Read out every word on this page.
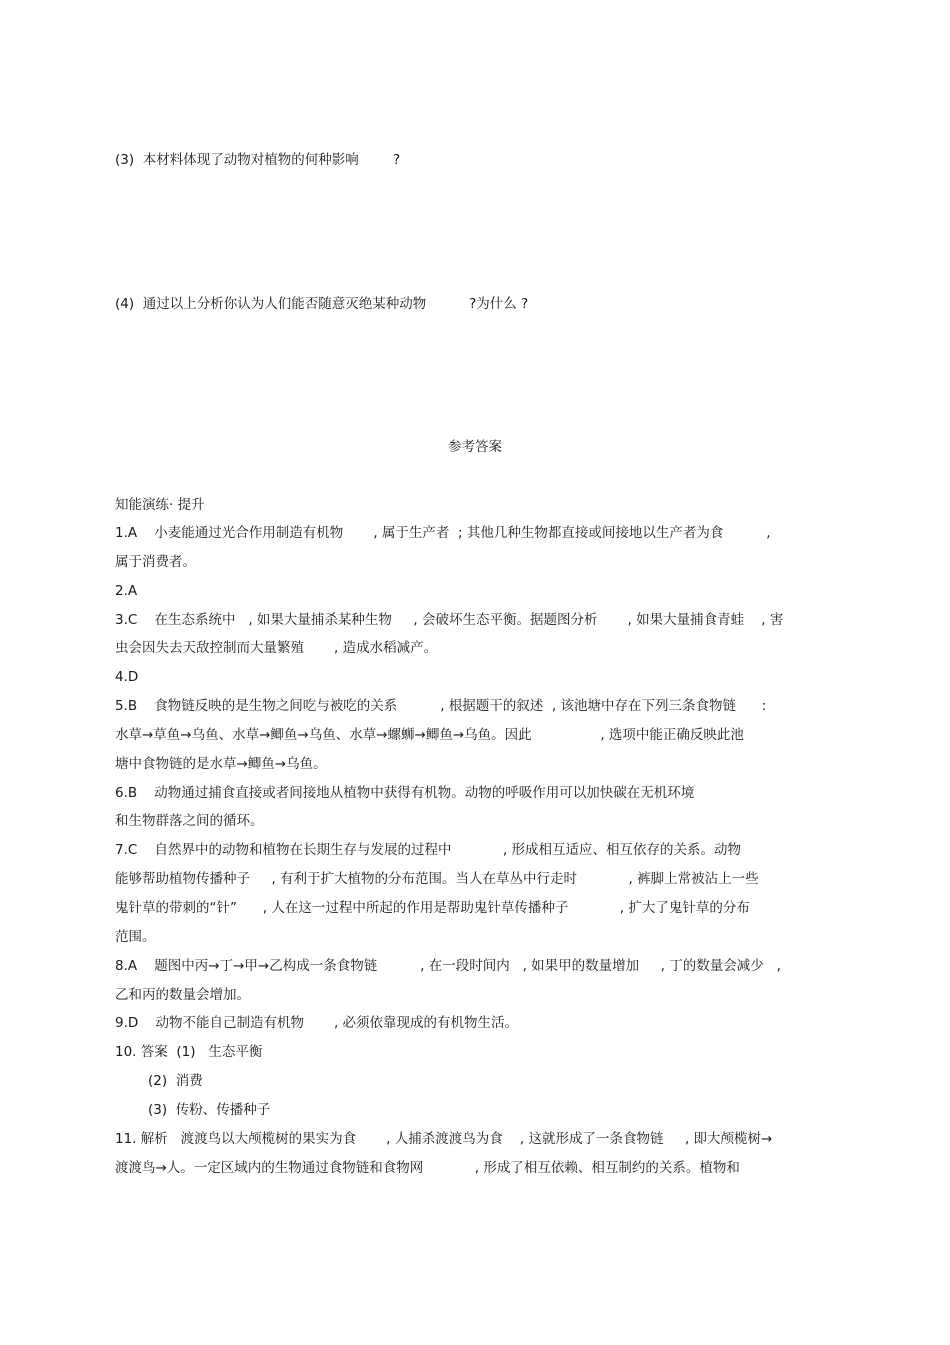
(3)  本材料体现了动物对植物的何种影响        ?
(4)  通过以上分析你认为人们能否随意灭绝某种动物          ?为什么 ?
参考答案
知能演练· 提升
1.A    小麦能通过光合作用制造有机物       , 属于生产者  ; 其他几种生物都直接或间接地以生产者为食          ,
属于消费者。
2.A
3.C    在生态系统中   , 如果大量捕杀某种生物     , 会破坏生态平衡。据题图分析       , 如果大量捕食青蛙    , 害
虫会因失去天敌控制而大量繁殖       , 造成水稻减产。
4.D
5.B    食物链反映的是生物之间吃与被吃的关系          , 根据题干的叙述  , 该池塘中存在下列三条食物链      :
水草→草鱼→乌鱼、水草→鲫鱼→乌鱼、水草→螺蛳→鲫鱼→乌鱼。因此                , 选项中能正确反映此池
塘中食物链的是水草→鲫鱼→乌鱼。
6.B    动物通过捕食直接或者间接地从植物中获得有机物。动物的呼吸作用可以加快碳在无机环境
和生物群落之间的循环。
7.C    自然界中的动物和植物在长期生存与发展的过程中            , 形成相互适应、相互依存的关系。动物
能够帮助植物传播种子     , 有利于扩大植物的分布范围。当人在草丛中行走时            , 裤脚上常被沾上一些
鬼针草的带刺的“针”      , 人在这一过程中所起的作用是帮助鬼针草传播种子            , 扩大了鬼针草的分布
范围。
8.A    题图中丙→丁→甲→乙构成一条食物链          , 在一段时间内   , 如果甲的数量增加     , 丁的数量会减少   ,
乙和丙的数量会增加。
9.D    动物不能自己制造有机物       , 必须依靠现成的有机物生活。
10. 答案  (1)   生态平衡
(2)  消费
(3)  传粉、传播种子
11. 解析   渡渡鸟以大颅榄树的果实为食       , 人捕杀渡渡鸟为食    , 这就形成了一条食物链     , 即大颅榄树→
渡渡鸟→人。一定区域内的生物通过食物链和食物网            , 形成了相互依赖、相互制约的关系。植物和
